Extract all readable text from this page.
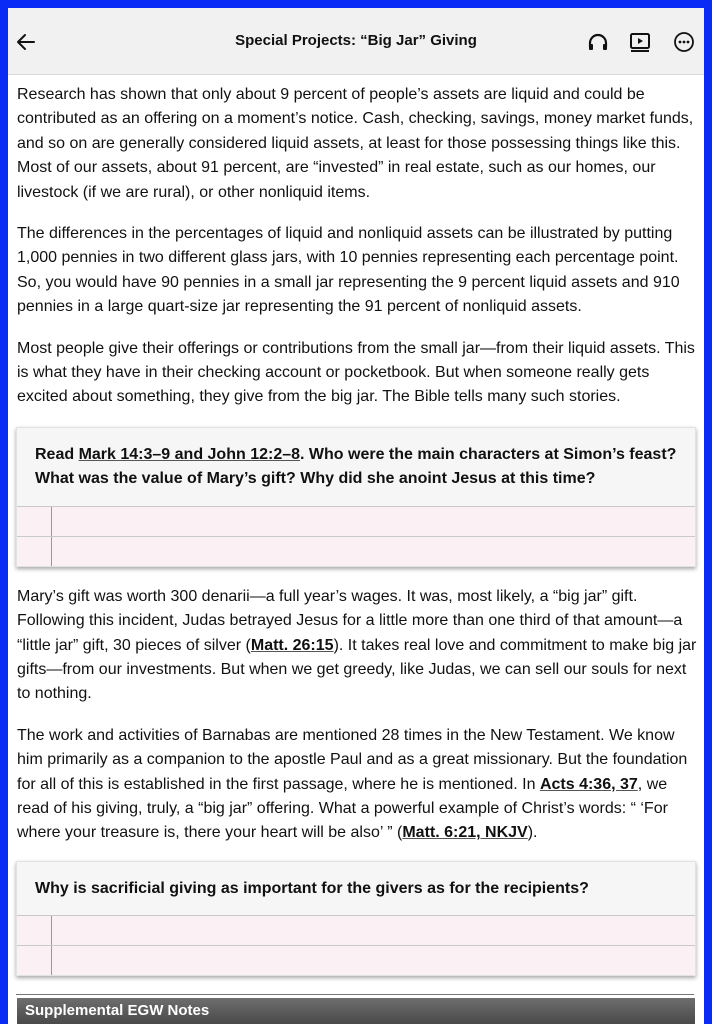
Special Projects: “Big Jar” Giving

Research has shown that only about 9 percent of people’s assets are liquid and could be contributed as an offering on a moment’s notice. Cash, checking, savings, money market funds, and so on are generally considered liquid assets, at least for those possessing things like this. Most of our assets, about 91 percent, are “invested” in real estate, such as our homes, our livestock (if we are rural), or other nonliquid items.

The differences in the percentages of liquid and nonliquid assets can be illustrated by putting 1,000 pennies in two different glass jars, with 10 pennies representing each percentage point. So, you would have 90 pennies in a small jar representing the 9 percent liquid assets and 910 pennies in a large quart-size jar representing the 91 percent of nonliquid assets.

Most people give their offerings or contributions from the small jar—from their liquid assets. This is what they have in their checking account or pocketbook. But when someone really gets excited about something, they give from the big jar. The Bible tells many such stories.

Read Mark 14:3–9 and John 12:2–8. Who were the main characters at Simon’s feast? What was the value of Mary’s gift? Why did she anoint Jesus at this time?

Mary’s gift was worth 300 denarii—a full year’s wages. It was, most likely, a “big jar” gift. Following this incident, Judas betrayed Jesus for a little more than one third of that amount—a “little jar” gift, 30 pieces of silver (Matt. 26:15). It takes real love and commitment to make big jar gifts—from our investments. But when we get greedy, like Judas, we can sell our souls for next to nothing.

The work and activities of Barnabas are mentioned 28 times in the New Testament. We know him primarily as a companion to the apostle Paul and as a great missionary. But the foundation for all of this is established in the first passage, where he is mentioned. In Acts 4:36, 37, we read of his giving, truly, a “big jar” offering. What a powerful example of Christ’s words: “ ‘For where your treasure is, there your heart will be also’ ” (Matt. 6:21, NKJV).

Why is sacrificial giving as important for the givers as for the recipients?

Supplemental EGW Notes
